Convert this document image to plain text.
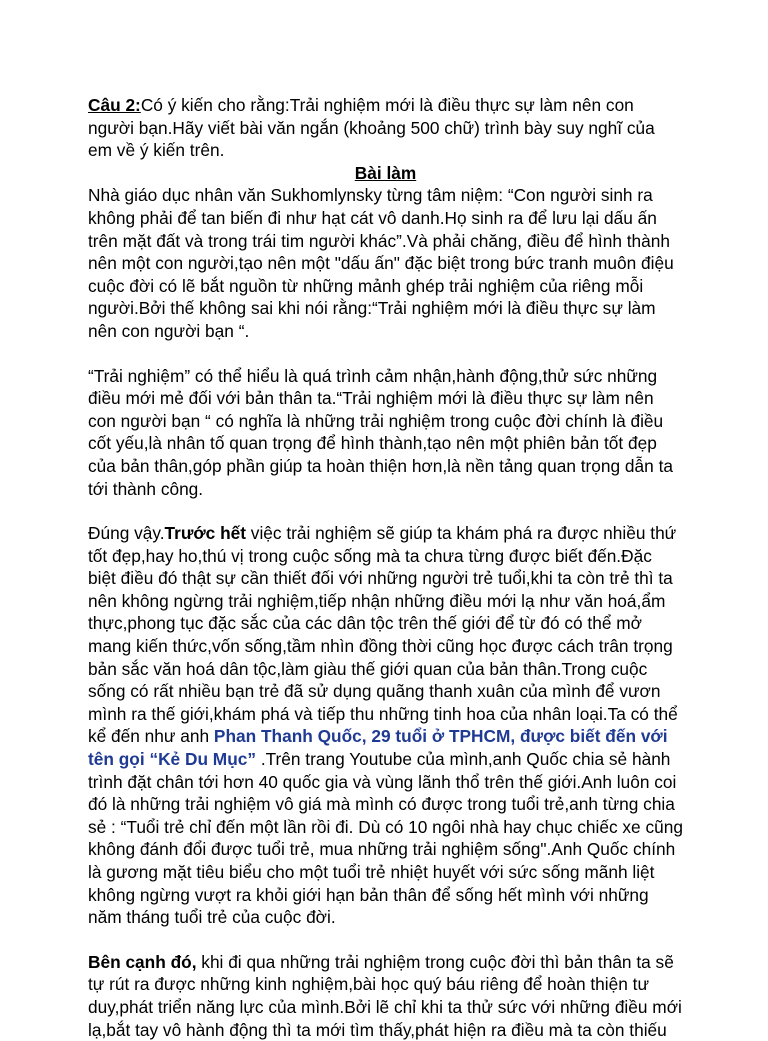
Câu 2:Có ý kiến cho rằng:Trải nghiệm mới là điều thực sự làm nên con người bạn.Hãy viết bài văn ngắn (khoảng 500 chữ) trình bày suy nghĩ của em về ý kiến trên.

Bài làm

Nhà giáo dục nhân văn Sukhomlynsky từng tâm niệm: “Con người sinh ra không phải để tan biến đi như hạt cát vô danh.Họ sinh ra để lưu lại dấu ấn trên mặt đất và trong trái tim người khác”.Và phải chăng, điều để hình thành nên một con người,tạo nên một "dấu ấn" đặc biệt trong bức tranh muôn điệu cuộc đời có lẽ bắt nguồn từ những mảnh ghép trải nghiệm của riêng mỗi người.Bởi thế không sai khi nói rằng:“Trải nghiệm mới là điều thực sự làm nên con người bạn “.

“Trải nghiệm” có thể hiểu là quá trình cảm nhận,hành động,thử sức những điều mới mẻ đối với bản thân ta.“Trải nghiệm mới là điều thực sự làm nên con người bạn “ có nghĩa là những trải nghiệm trong cuộc đời chính là điều cốt yếu,là nhân tố quan trọng để hình thành,tạo nên một phiên bản tốt đẹp của bản thân,góp phần giúp ta hoàn thiện hơn,là nền tảng quan trọng dẫn ta tới thành công.

Đúng vậy.Trước hết việc trải nghiệm sẽ giúp ta khám phá ra được nhiều thứ tốt đẹp,hay ho,thú vị trong cuộc sống mà ta chưa từng được biết đến.Đặc biệt điều đó thật sự cần thiết đối với những người trẻ tuổi,khi ta còn trẻ thì ta nên không ngừng trải nghiệm,tiếp nhận những điều mới lạ như văn hoá,ẩm thực,phong tục đặc sắc của các dân tộc trên thế giới để từ đó có thể mở mang kiến thức,vốn sống,tầm nhìn đồng thời cũng học được cách trân trọng bản sắc văn hoá dân tộc,làm giàu thế giới quan của bản thân.Trong cuộc sống có rất nhiều bạn trẻ đã sử dụng quãng thanh xuân của mình để vươn mình ra thế giới,khám phá và tiếp thu những tinh hoa của nhân loại.Ta có thể kể đến như anh Phan Thanh Quốc, 29 tuổi ở TPHCM, được biết đến với tên gọi “Kẻ Du Mục” .Trên trang Youtube của mình,anh Quốc chia sẻ hành trình đặt chân tới hơn 40 quốc gia và vùng lãnh thổ trên thế giới.Anh luôn coi đó là những trải nghiệm vô giá mà mình có được trong tuổi trẻ,anh từng chia sẻ : “Tuổi trẻ chỉ đến một lần rồi đi. Dù có 10 ngôi nhà hay chục chiếc xe cũng không đánh đổi được tuổi trẻ, mua những trải nghiệm sống".Anh Quốc chính là gương mặt tiêu biểu cho một tuổi trẻ nhiệt huyết với sức sống mãnh liệt không ngừng vượt ra khỏi giới hạn bản thân để sống hết mình với những năm tháng tuổi trẻ của cuộc đời.

Bên cạnh đó, khi đi qua những trải nghiệm trong cuộc đời thì bản thân ta sẽ tự rút ra được những kinh nghiệm,bài học quý báu riêng để hoàn thiện tư duy,phát triển năng lực của mình.Bởi lẽ chỉ khi ta thử sức với những điều mới lạ,bắt tay vô hành động thì ta mới tìm thấy,phát hiện ra điều mà ta còn thiếu
